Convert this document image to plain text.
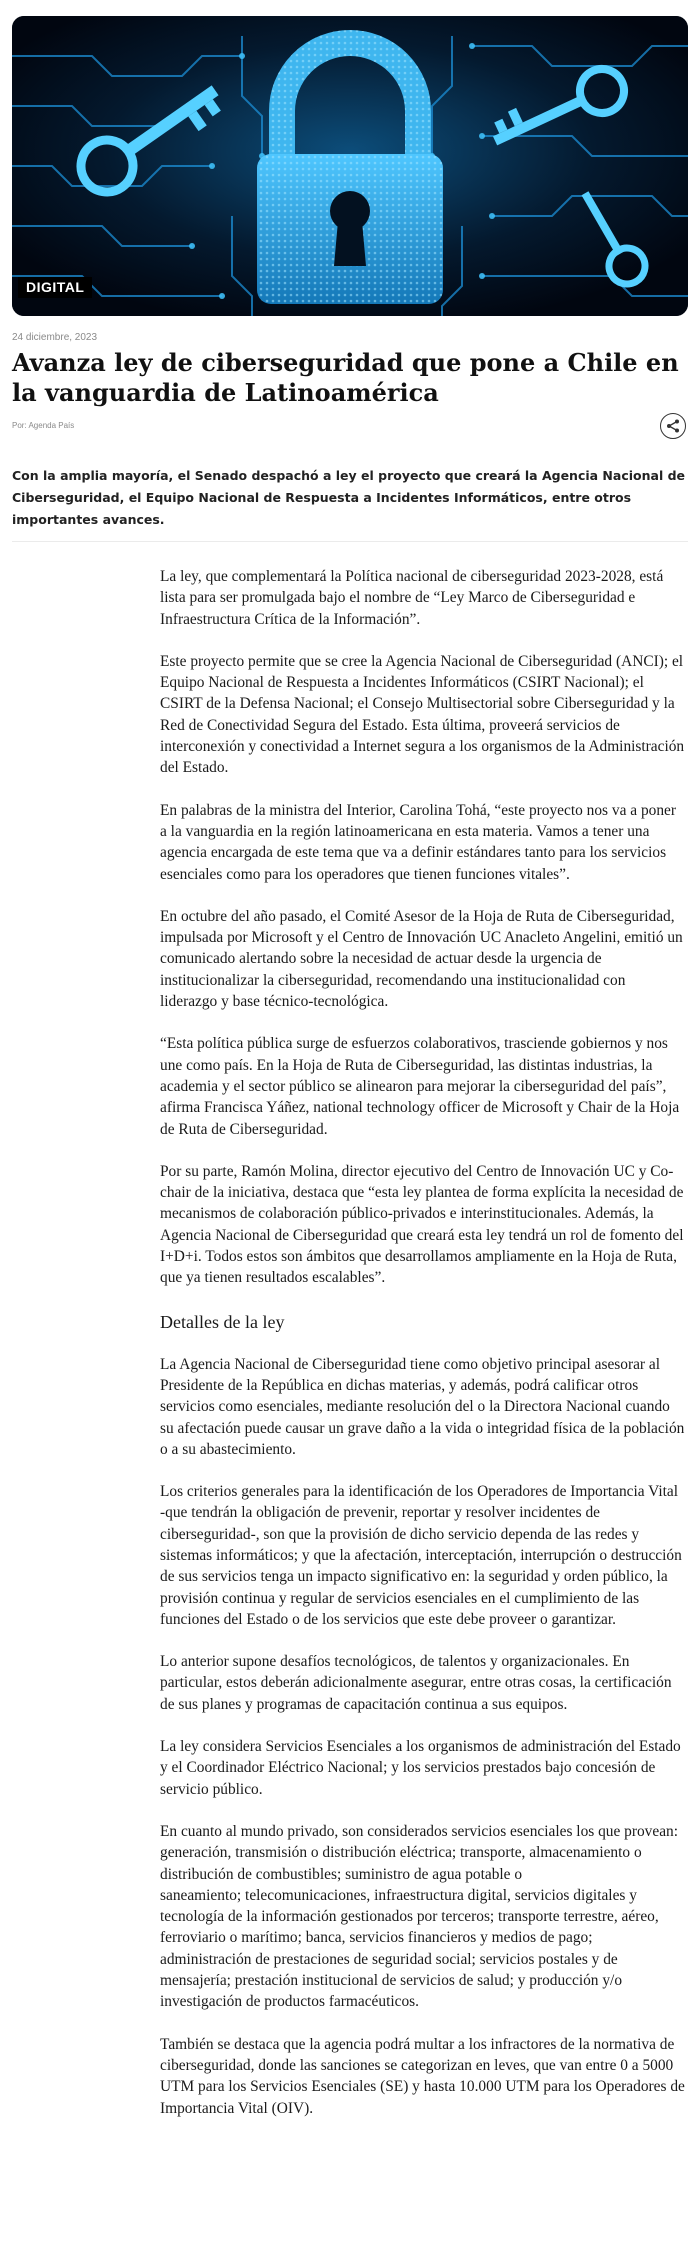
DIGITAL
24 diciembre, 2023
Avanza ley de ciberseguridad que pone a Chile en la vanguardia de Latinoamérica
Por: Agenda País

Con la amplia mayoría, el Senado despachó a ley el proyecto que creará la Agencia Nacional de Ciberseguridad, el Equipo Nacional de Respuesta a Incidentes Informáticos, entre otros importantes avances.

La ley, que complementará la Política nacional de ciberseguridad 2023-2028, está lista para ser promulgada bajo el nombre de “Ley Marco de Ciberseguridad e Infraestructura Crítica de la Información”.

Este proyecto permite que se cree la Agencia Nacional de Ciberseguridad (ANCI); el Equipo Nacional de Respuesta a Incidentes Informáticos (CSIRT Nacional); el CSIRT de la Defensa Nacional; el Consejo Multisectorial sobre Ciberseguridad y la Red de Conectividad Segura del Estado. Esta última, proveerá servicios de interconexión y conectividad a Internet segura a los organismos de la Administración del Estado.

En palabras de la ministra del Interior, Carolina Tohá, “este proyecto nos va a poner a la vanguardia en la región latinoamericana en esta materia. Vamos a tener una agencia encargada de este tema que va a definir estándares tanto para los servicios esenciales como para los operadores que tienen funciones vitales”.

En octubre del año pasado, el Comité Asesor de la Hoja de Ruta de Ciberseguridad, impulsada por Microsoft y el Centro de Innovación UC Anacleto Angelini, emitió un comunicado alertando sobre la necesidad de actuar desde la urgencia de institucionalizar la ciberseguridad, recomendando una institucionalidad con liderazgo y base técnico-tecnológica.

“Esta política pública surge de esfuerzos colaborativos, trasciende gobiernos y nos une como país. En la Hoja de Ruta de Ciberseguridad, las distintas industrias, la academia y el sector público se alinearon para mejorar la ciberseguridad del país”, afirma Francisca Yáñez, national technology officer de Microsoft y Chair de la Hoja de Ruta de Ciberseguridad.

Por su parte, Ramón Molina, director ejecutivo del Centro de Innovación UC y Co- chair de la iniciativa, destaca que “esta ley plantea de forma explícita la necesidad de mecanismos de colaboración público-privados e interinstitucionales. Además, la Agencia Nacional de Ciberseguridad que creará esta ley tendrá un rol de fomento del I+D+i. Todos estos son ámbitos que desarrollamos ampliamente en la Hoja de Ruta, que ya tienen resultados escalables”.

Detalles de la ley

La Agencia Nacional de Ciberseguridad tiene como objetivo principal asesorar al Presidente de la República en dichas materias, y además, podrá calificar otros servicios como esenciales, mediante resolución del o la Directora Nacional cuando su afectación puede causar un grave daño a la vida o integridad física de la población o a su abastecimiento.

Los criterios generales para la identificación de los Operadores de Importancia Vital -que tendrán la obligación de prevenir, reportar y resolver incidentes de ciberseguridad-, son que la provisión de dicho servicio dependa de las redes y sistemas informáticos; y que la afectación, interceptación, interrupción o destrucción de sus servicios tenga un impacto significativo en: la seguridad y orden público, la provisión continua y regular de servicios esenciales en el cumplimiento de las funciones del Estado o de los servicios que este debe proveer o garantizar.

Lo anterior supone desafíos tecnológicos, de talentos y organizacionales. En particular, estos deberán adicionalmente asegurar, entre otras cosas, la certificación de sus planes y programas de capacitación continua a sus equipos.

La ley considera Servicios Esenciales a los organismos de administración del Estado y el Coordinador Eléctrico Nacional; y los servicios prestados bajo concesión de servicio público.

En cuanto al mundo privado, son considerados servicios esenciales los que provean: generación, transmisión o distribución eléctrica; transporte, almacenamiento o distribución de combustibles; suministro de agua potable o
saneamiento; telecomunicaciones, infraestructura digital, servicios digitales y tecnología de la información gestionados por terceros; transporte terrestre, aéreo, ferroviario o marítimo; banca, servicios financieros y medios de pago; administración de prestaciones de seguridad social; servicios postales y de mensajería; prestación institucional de servicios de salud; y producción y/o investigación de productos farmacéuticos.

También se destaca que la agencia podrá multar a los infractores de la normativa de ciberseguridad, donde las sanciones se categorizan en leves, que van entre 0 a 5000 UTM para los Servicios Esenciales (SE) y hasta 10.000 UTM para los Operadores de Importancia Vital (OIV).
